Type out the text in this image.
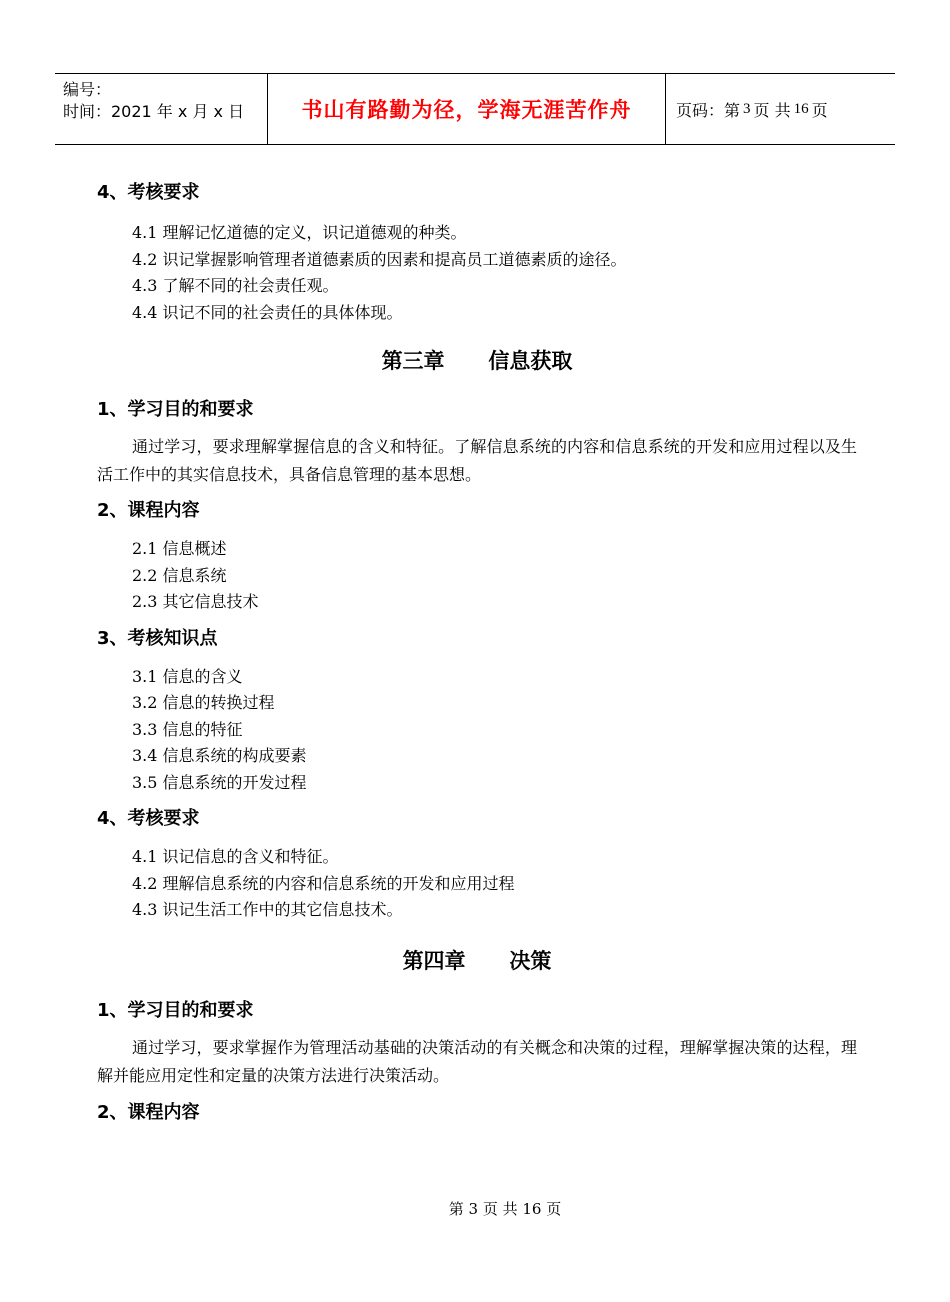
编号：
时间：2021 年 x 月 x 日	书山有路勤为径，学海无涯苦作舟	页码：第 3 页 共 16 页
4、考核要求
4.1 理解记忆道德的定义，识记道德观的种类。
4.2 识记掌握影响管理者道德素质的因素和提高员工道德素质的途径。
4.3 了解不同的社会责任观。
4.4 识记不同的社会责任的具体体现。
第三章      信息获取
1、学习目的和要求
通过学习，要求理解掌握信息的含义和特征。了解信息系统的内容和信息系统的开发和应用过程以及生活工作中的其实信息技术，具备信息管理的基本思想。
2、课程内容
2.1 信息概述
2.2 信息系统
2.3 其它信息技术
3、考核知识点
3.1 信息的含义
3.2 信息的转换过程
3.3 信息的特征
3.4 信息系统的构成要素
3.5 信息系统的开发过程
4、考核要求
4.1 识记信息的含义和特征。
4.2 理解信息系统的内容和信息系统的开发和应用过程
4.3 识记生活工作中的其它信息技术。
第四章      决策
1、学习目的和要求
通过学习，要求掌握作为管理活动基础的决策活动的有关概念和决策的过程，理解掌握决策的达程，理解并能应用定性和定量的决策方法进行决策活动。
2、课程内容
第 3 页 共 16 页
